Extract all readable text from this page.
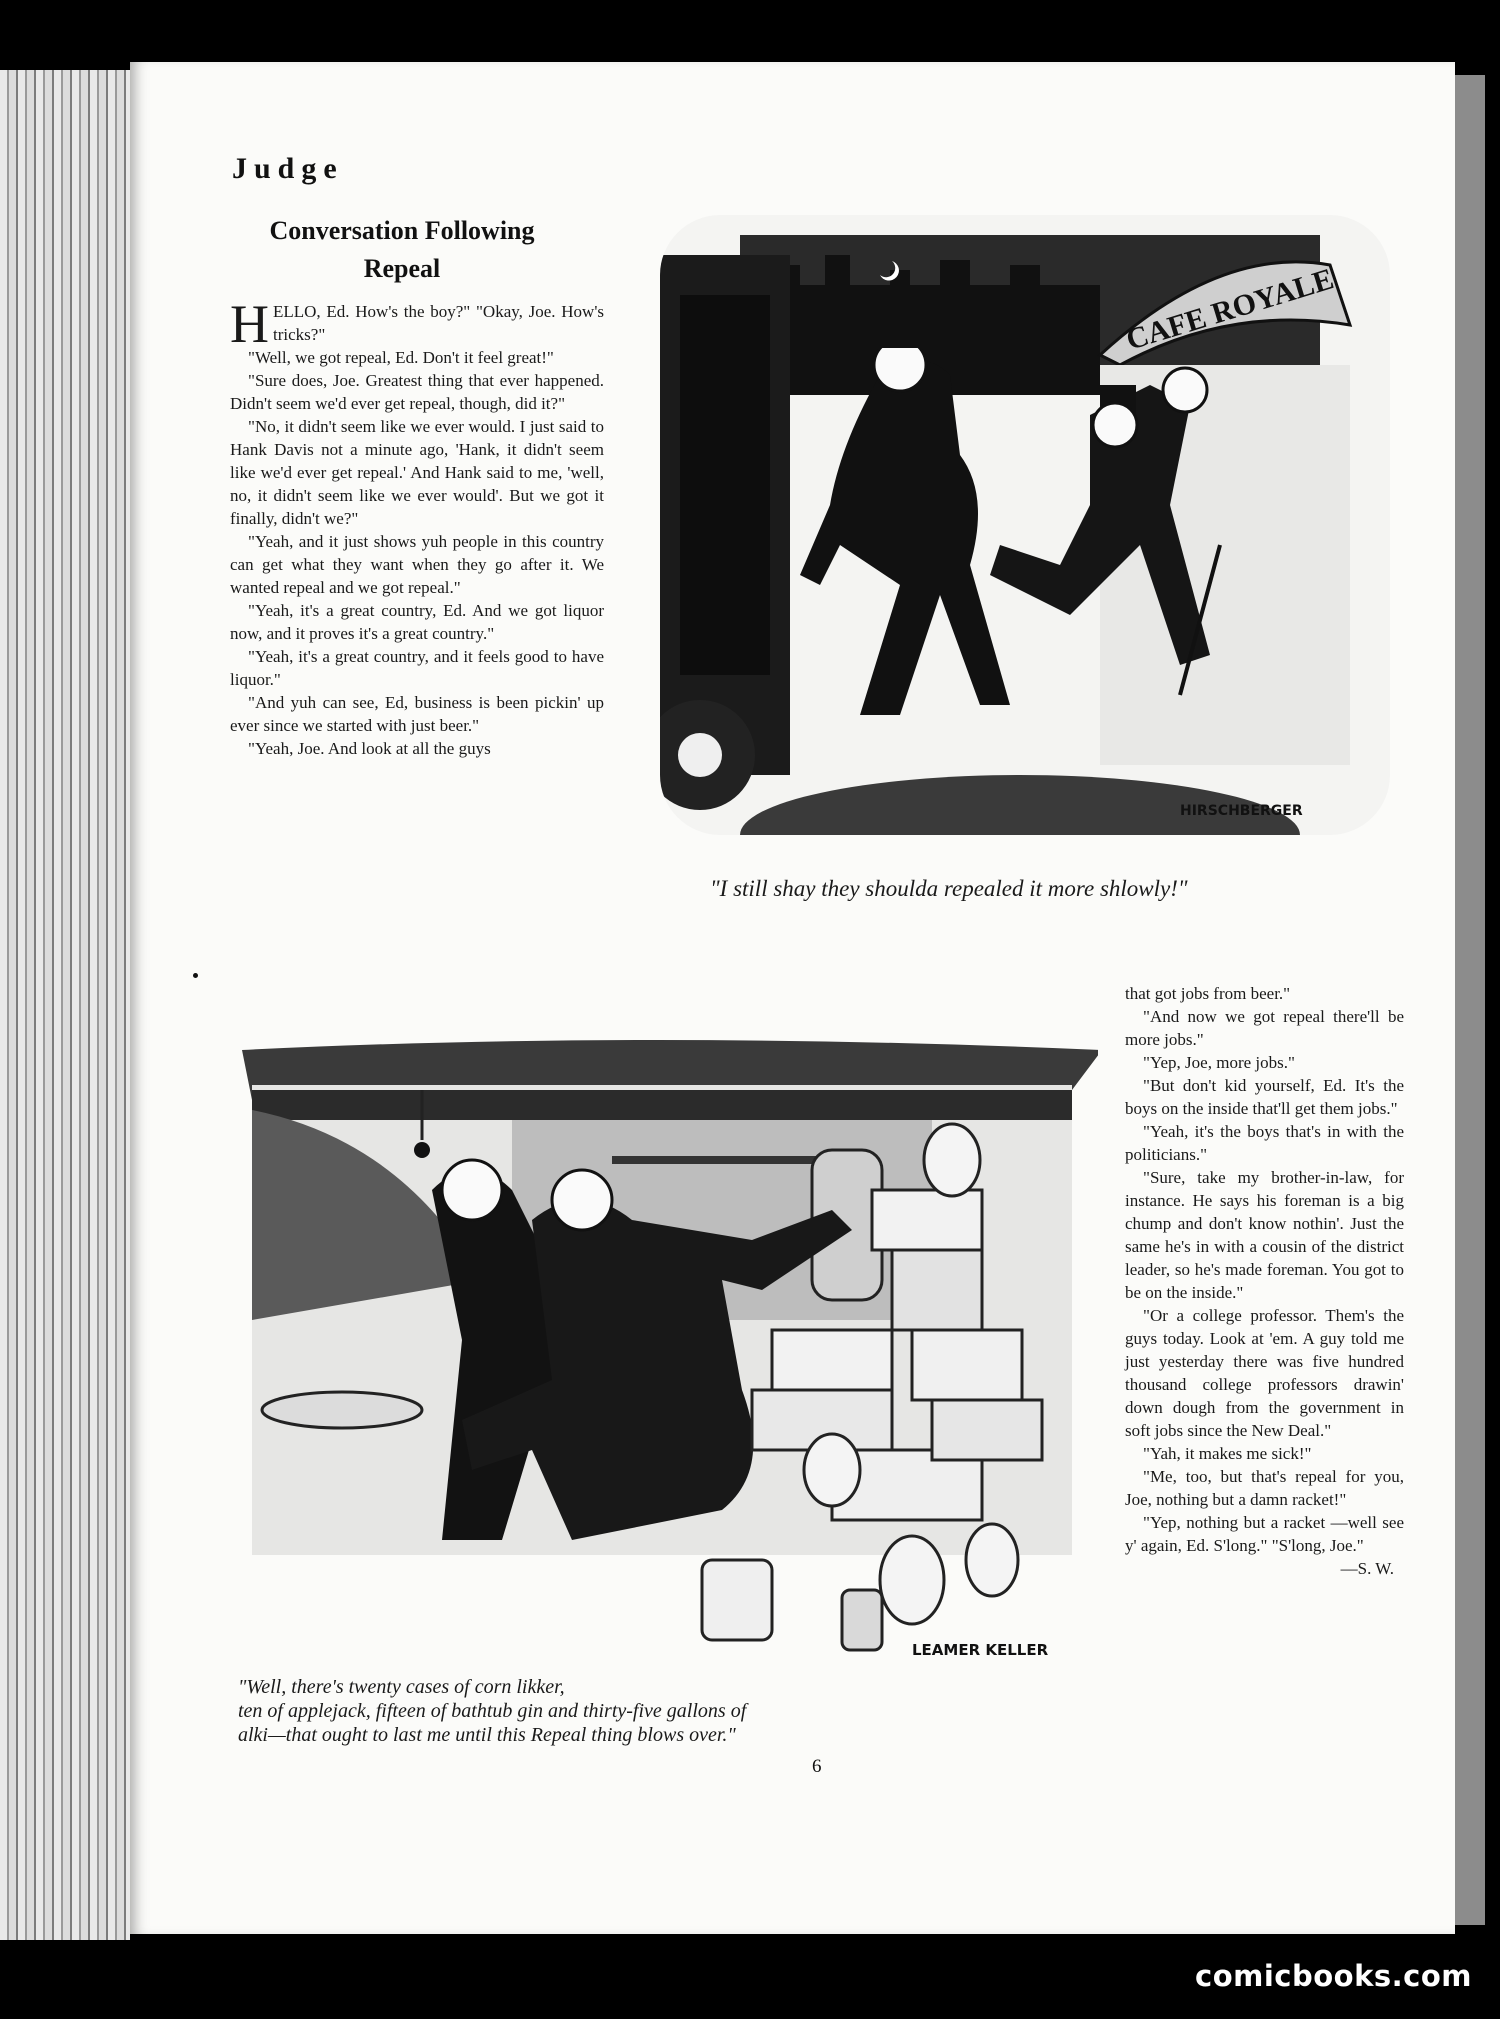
Judge
Conversation Following Repeal

HELLO, Ed. How's the boy?" "Okay, Joe. How's tricks?"

"Well, we got repeal, Ed. Don't it feel great!"

"Sure does, Joe. Greatest thing that ever happened. Didn't seem we'd ever get repeal, though, did it?"

"No, it didn't seem like we ever would. I just said to Hank Davis not a minute ago, 'Hank, it didn't seem like we'd ever get repeal.' And Hank said to me, 'well, no, it didn't seem like we ever would'. But we got it finally, didn't we?"

"Yeah, and it just shows yuh people in this country can get what they want when they go after it. We wanted repeal and we got repeal."

"Yeah, it's a great country, Ed. And we got liquor now, and it proves it's a great country."

"Yeah, it's a great country, and it feels good to have liquor."

"And yuh can see, Ed, business is been pickin' up ever since we started with just beer."

"Yeah, Joe. And look at all the guys

that got jobs from beer."

"And now we got repeal there'll be more jobs."

"Yep, Joe, more jobs."

"But don't kid yourself, Ed. It's the boys on the inside that'll get them jobs."

"Yeah, it's the boys that's in with the politicians."

"Sure, take my brother-in-law, for instance. He says his foreman is a big chump and don't know nothin'. Just the same he's in with a cousin of the district leader, so he's made foreman. You got to be on the inside."

"Or a college professor. Them's the guys today. Look at 'em. A guy told me just yesterday there was five hundred thousand college professors drawin' down dough from the government in soft jobs since the New Deal."

"Yah, it makes me sick!"

"Me, too, but that's repeal for you, Joe, nothing but a damn racket!"

"Yep, nothing but a racket —well see y' again, Ed. S'long." "S'long, Joe."

—S. W.
CAFE ROYALE
HIRSCHBERGER
"I still shay they shoulda repealed it more shlowly!"
LEAMER KELLER
"Well, there's twenty cases of corn likker,
ten of applejack, fifteen of bathtub gin and thirty-five gallons of
alki—that ought to last me until this Repeal thing blows over."
6
comicbooks.com
